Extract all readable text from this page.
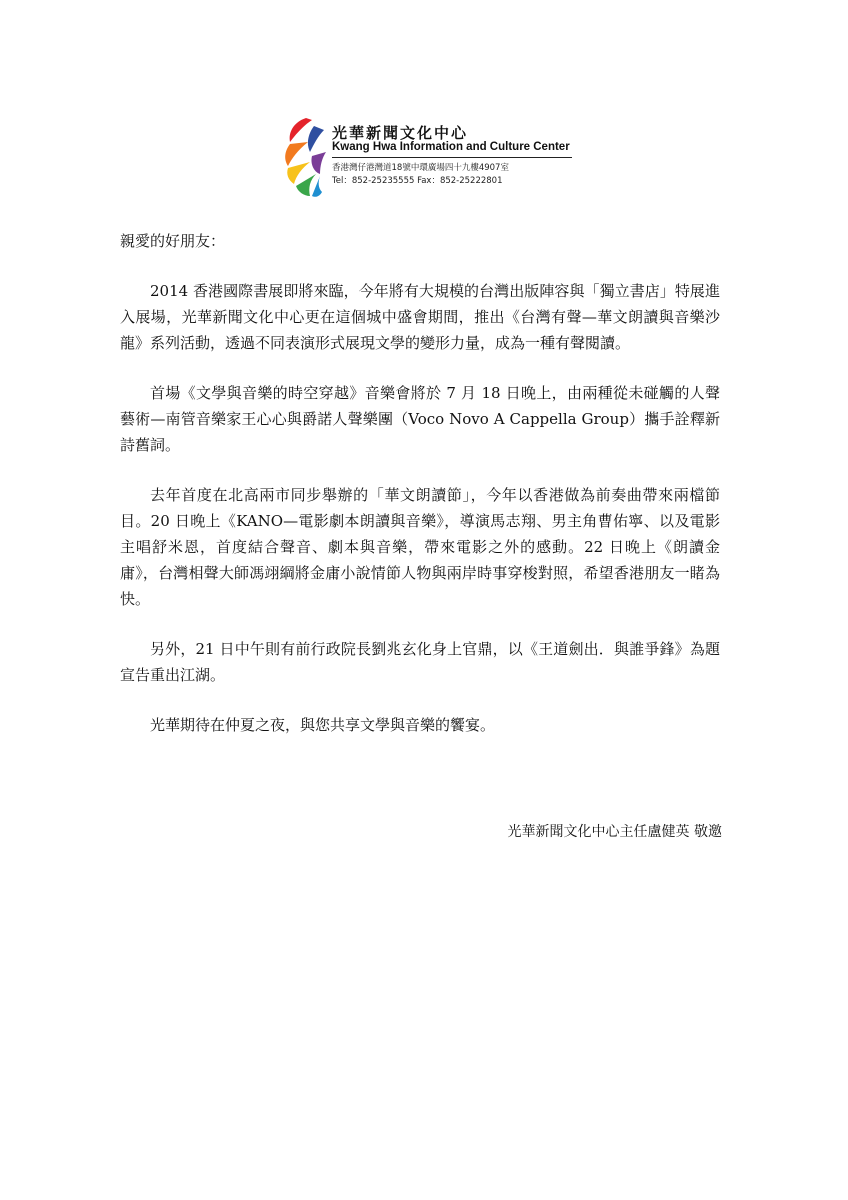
光華新聞文化中心
Kwang Hwa Information and Culture Center
香港灣仔港灣道18號中環廣場四十九樓4907室
Tel：852-25235555 Fax：852-25222801

親愛的好朋友：

2014 香港國際書展即將來臨，今年將有大規模的台灣出版陣容與「獨立書店」特展進入展場，光華新聞文化中心更在這個城中盛會期間，推出《台灣有聲—華文朗讀與音樂沙龍》系列活動，透過不同表演形式展現文學的變形力量，成為一種有聲閱讀。

首場《文學與音樂的時空穿越》音樂會將於 7 月 18 日晚上，由兩種從未碰觸的人聲藝術—南管音樂家王心心與爵諾人聲樂團（Voco Novo A Cappella Group）攜手詮釋新詩舊詞。

去年首度在北高兩市同步舉辦的「華文朗讀節」，今年以香港做為前奏曲帶來兩檔節目。20 日晚上《KANO—電影劇本朗讀與音樂》，導演馬志翔、男主角曹佑寧、以及電影主唱舒米恩，首度結合聲音、劇本與音樂，帶來電影之外的感動。22 日晚上《朗讀金庸》，台灣相聲大師馮翊綱將金庸小說情節人物與兩岸時事穿梭對照，希望香港朋友一睹為快。

另外，21 日中午則有前行政院長劉兆玄化身上官鼎，以《王道劍出．與誰爭鋒》為題宣告重出江湖。

光華期待在仲夏之夜，與您共享文學與音樂的饗宴。

光華新聞文化中心主任盧健英 敬邀
